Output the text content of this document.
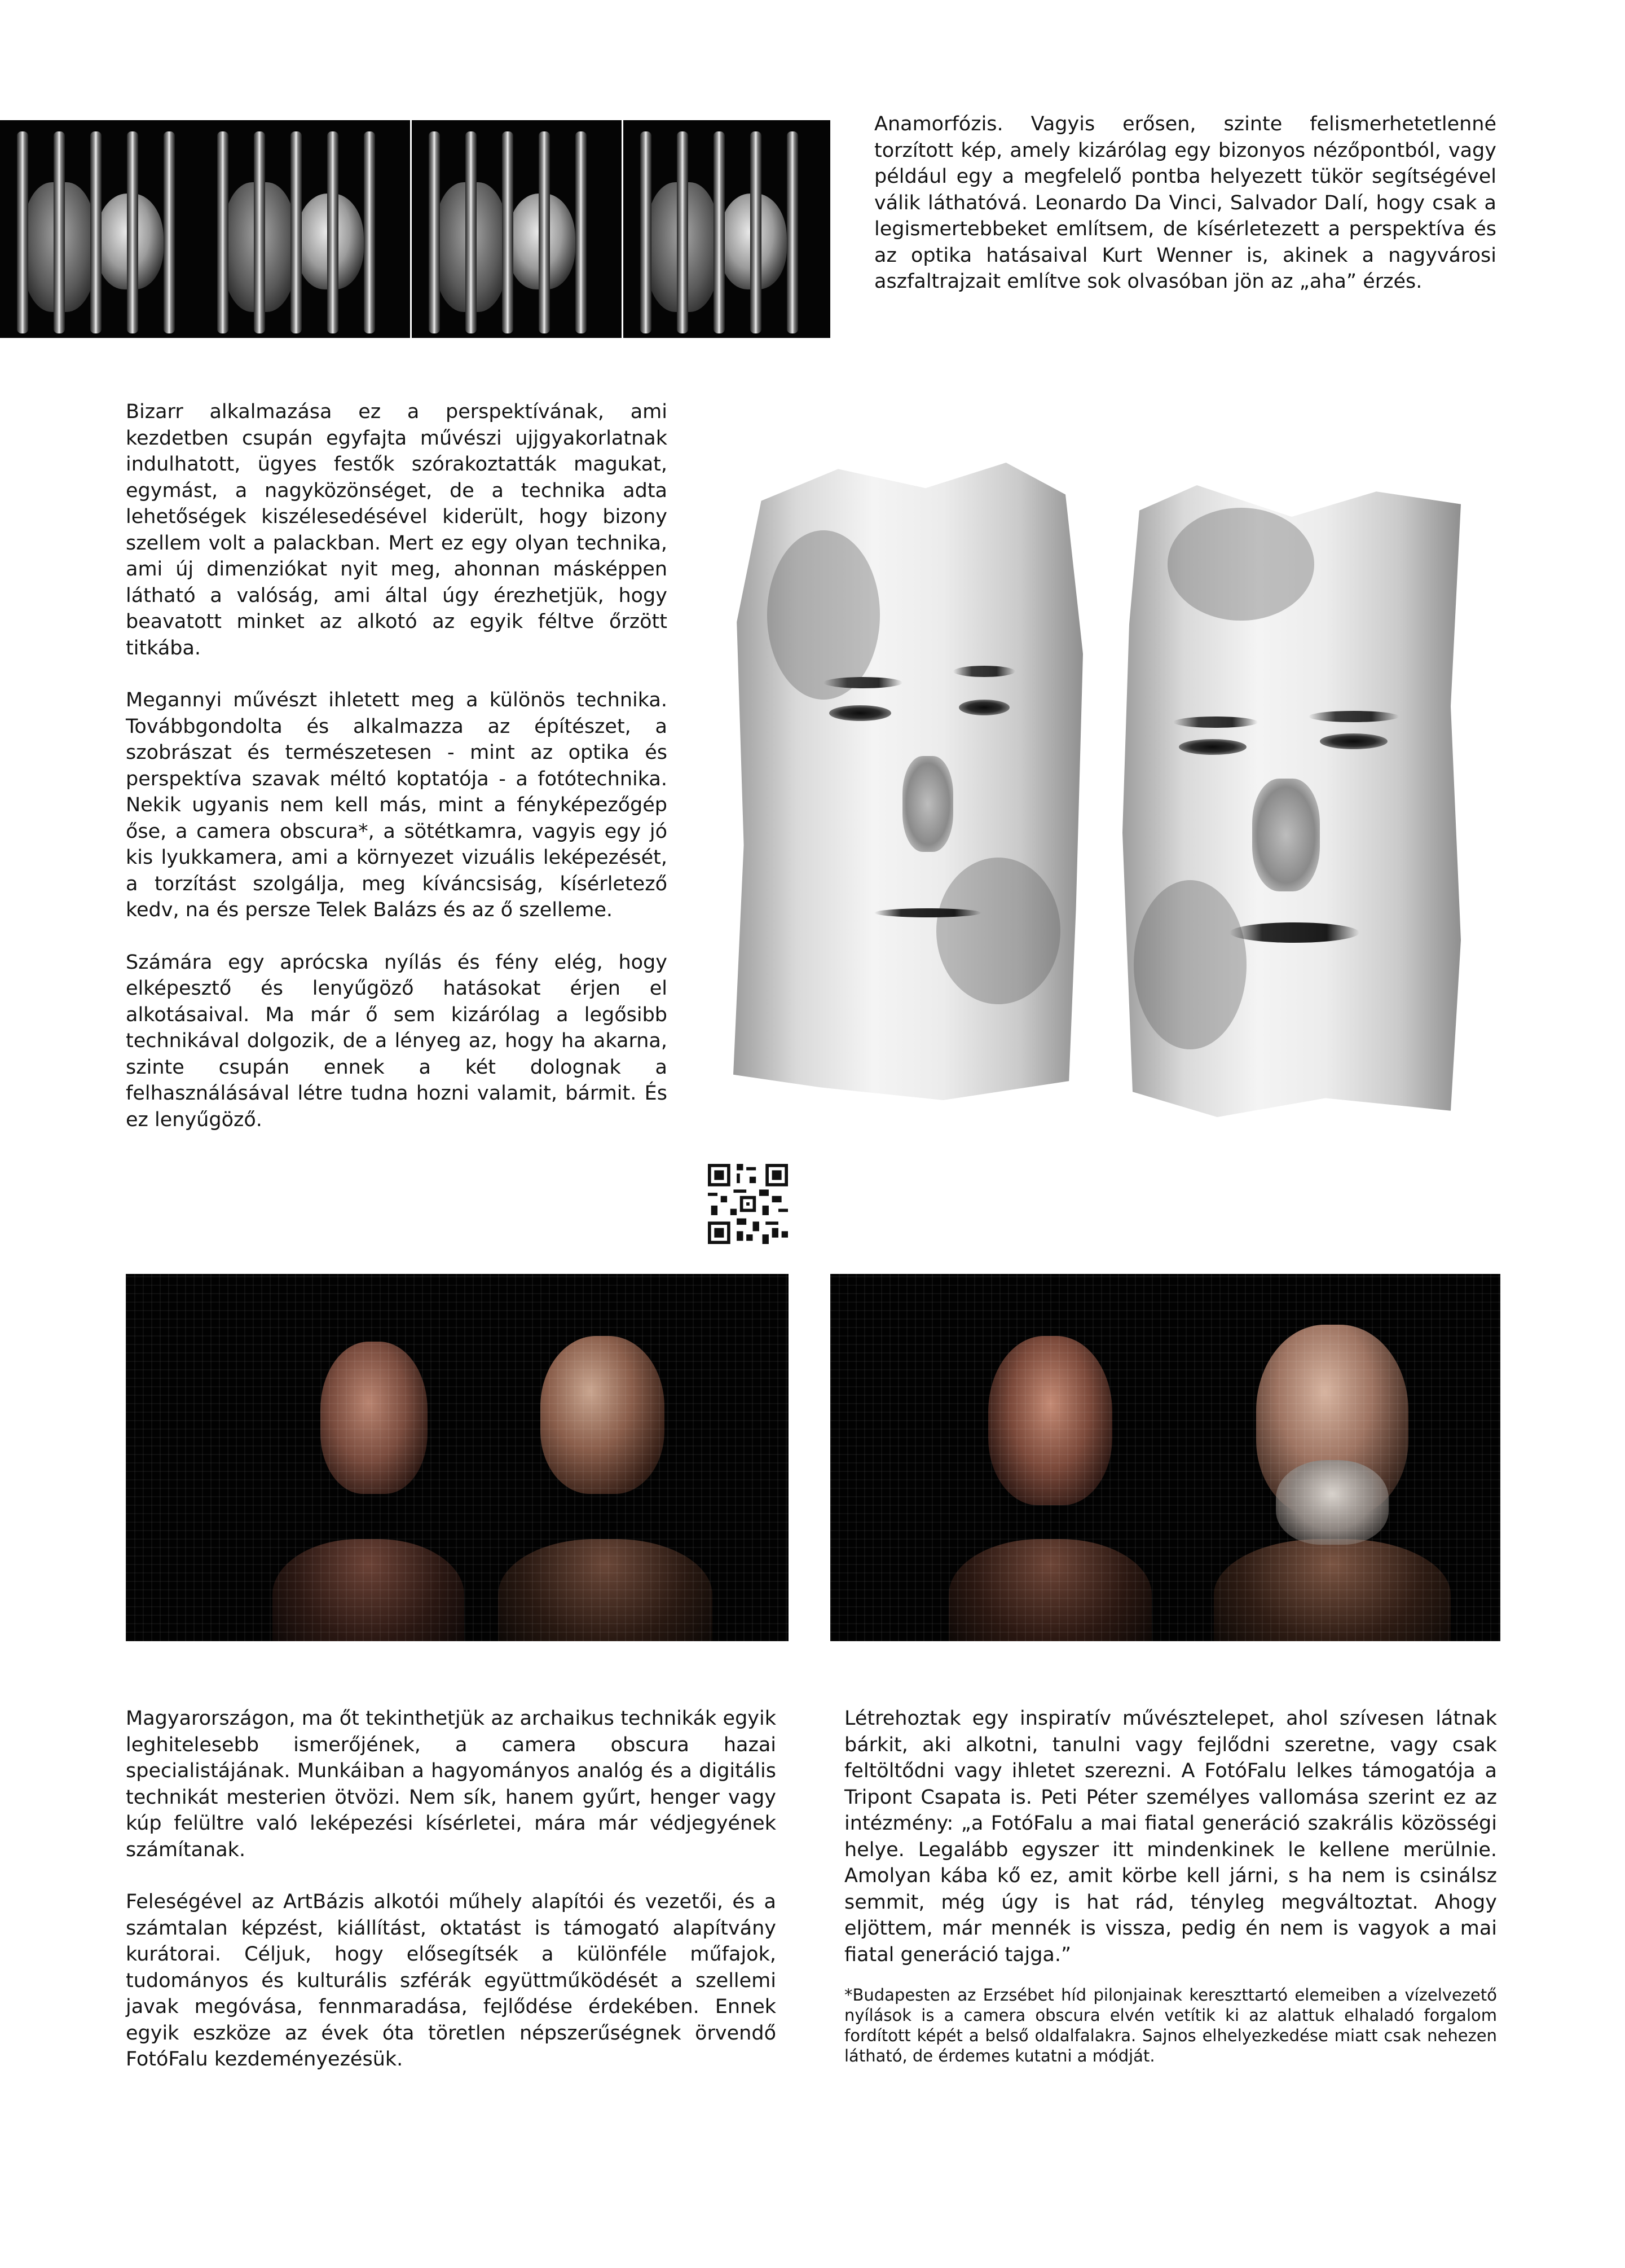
Anamorfózis. Vagyis erősen, szinte felismerhetetlenné torzított kép, amely kizárólag egy bizonyos nézőpontból, vagy például egy a megfelelő pontba helyezett tükör segítségével válik láthatóvá. Leonardo Da Vinci, Salvador Dalí, hogy csak a legismertebbeket említsem, de kísérletezett a perspektíva és az optika hatásaival Kurt Wenner is, akinek a nagyvárosi aszfaltrajzait említve sok olvasóban jön az „aha” érzés.

Bizarr alkalmazása ez a perspektívának, ami kezdetben csupán egyfajta művészi ujjgyakorlatnak indulhatott, ügyes festők szórakoztatták magukat, egymást, a nagyközönséget, de a technika adta lehetőségek kiszélesedésével kiderült, hogy bizony szellem volt a palackban. Mert ez egy olyan technika, ami új dimenziókat nyit meg, ahonnan másképpen látható a valóság, ami által úgy érezhetjük, hogy beavatott minket az alkotó az egyik féltve őrzött titkába.

Megannyi művészt ihletett meg a különös technika. Továbbgondolta és alkalmazza az építészet, a szobrászat és természetesen - mint az optika és perspektíva szavak méltó koptatója - a fotótechnika. Nekik ugyanis nem kell más, mint a fényképezőgép őse, a camera obscura*, a sötétkamra, vagyis egy jó kis lyukkamera, ami a környezet vizuális leképezését, a torzítást szolgálja, meg kíváncsiság, kísérletező kedv, na és persze Telek Balázs és az ő szelleme.

Számára egy aprócska nyílás és fény elég, hogy elképesztő és lenyűgöző hatásokat érjen el alkotásaival. Ma már ő sem kizárólag a legősibb technikával dolgozik, de a lényeg az, hogy ha akarna, szinte csupán ennek a két dolognak a felhasználásával létre tudna hozni valamit, bármit. És ez lenyűgöző.

Magyarországon, ma őt tekinthetjük az archaikus technikák egyik leghitelesebb ismerőjének, a camera obscura hazai specialistájának. Munkáiban a hagyományos analóg és a digitális technikát mesterien ötvözi. Nem sík, hanem gyűrt, henger vagy kúp felültre való leképezési kísérletei, mára már védjegyének számítanak.

Feleségével az ArtBázis alkotói műhely alapítói és vezetői, és a számtalan képzést, kiállítást, oktatást is támogató alapítvány kurátorai. Céljuk, hogy elősegítsék a különféle műfajok, tudományos és kulturális szférák együttműködését a szellemi javak megóvása, fennmaradása, fejlődése érdekében. Ennek egyik eszköze az évek óta töretlen népszerűségnek örvendő FotóFalu kezdeményezésük.

Létrehoztak egy inspiratív művésztelepet, ahol szívesen látnak bárkit, aki alkotni, tanulni vagy fejlődni szeretne, vagy csak feltöltődni vagy ihletet szerezni. A FotóFalu lelkes támogatója a Tripont Csapata is. Peti Péter személyes vallomása szerint ez az intézmény: „a FotóFalu a mai fiatal generáció szakrális közösségi helye. Legalább egyszer itt mindenkinek le kellene merülnie. Amolyan kába kő ez, amit körbe kell járni, s ha nem is csinálsz semmit, még úgy is hat rád, tényleg megváltoztat. Ahogy eljöttem, már mennék is vissza, pedig én nem is vagyok a mai fiatal generáció tajga.”

*Budapesten az Erzsébet híd pilonjainak kereszttartó elemeiben a vízelvezető nyílások is a camera obscura elvén vetítik ki az alattuk elhaladó forgalom fordított képét a belső oldalfalakra. Sajnos elhelyezkedése miatt csak nehezen látható, de érdemes kutatni a módját.
